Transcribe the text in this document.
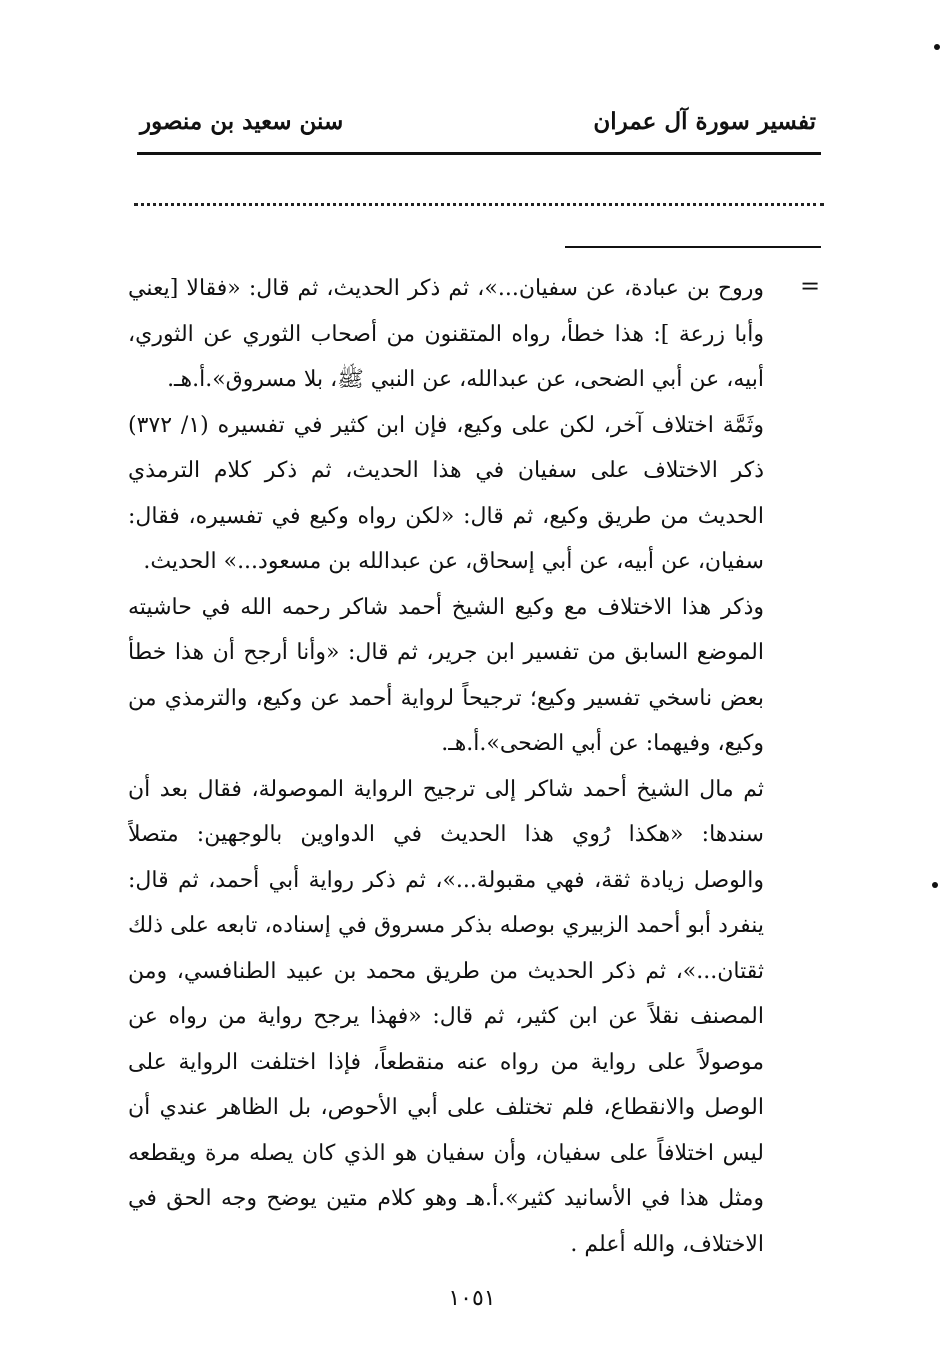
تفسير سورة آل عمران
سنن سعيد بن منصور
=
وروح بن عبادة، عن سفيان...»، ثم ذكر الحديث، ثم قال: «فقالا [يعني
وأبا زرعة ]: هذا خطأ، رواه المتقنون من أصحاب الثوري عن الثوري،
أبيه، عن أبي الضحى، عن عبدالله، عن النبي ﷺ، بلا مسروق».أ.هـ.
وثَمَّة اختلاف آخر، لكن على وكيع، فإن ابن كثير في تفسيره (١/ ٣٧٢)
ذكر الاختلاف على سفيان في هذا الحديث، ثم ذكر كلام الترمذي
الحديث من طريق وكيع، ثم قال: «لكن رواه وكيع في تفسيره، فقال:
سفيان، عن أبيه، عن أبي إسحاق، عن عبدالله بن مسعود...» الحديث.
وذكر هذا الاختلاف مع وكيع الشيخ أحمد شاكر رحمه الله في حاشيته
الموضع السابق من تفسير ابن جرير، ثم قال: «وأنا أرجح أن هذا خطأ
بعض ناسخي تفسير وكيع؛ ترجيحاً لرواية أحمد عن وكيع، والترمذي من
وكيع، وفيهما: عن أبي الضحى».أ.هـ.
ثم مال الشيخ أحمد شاكر إلى ترجيح الرواية الموصولة، فقال بعد أن
سندها: «هكذا رُوي هذا الحديث في الدواوين بالوجهين: متصلاً
والوصل زيادة ثقة، فهي مقبولة...»، ثم ذكر رواية أبي أحمد، ثم قال:
ينفرد أبو أحمد الزبيري بوصله بذكر مسروق في إسناده، تابعه على ذلك
ثقتان...»، ثم ذكر الحديث من طريق محمد بن عبيد الطنافسي، ومن
المصنف نقلاً عن ابن كثير، ثم قال: «فهذا يرجح رواية من رواه عن
موصولاً على رواية من رواه عنه منقطعاً، فإذا اختلفت الرواية على
الوصل والانقطاع، فلم تختلف على أبي الأحوص، بل الظاهر عندي أن
ليس اختلافاً على سفيان، وأن سفيان هو الذي كان يصله مرة ويقطعه
ومثل هذا في الأسانيد كثير».أ.هـ وهو كلام متين يوضح وجه الحق في
الاختلاف، والله أعلم .
١٠٥١
